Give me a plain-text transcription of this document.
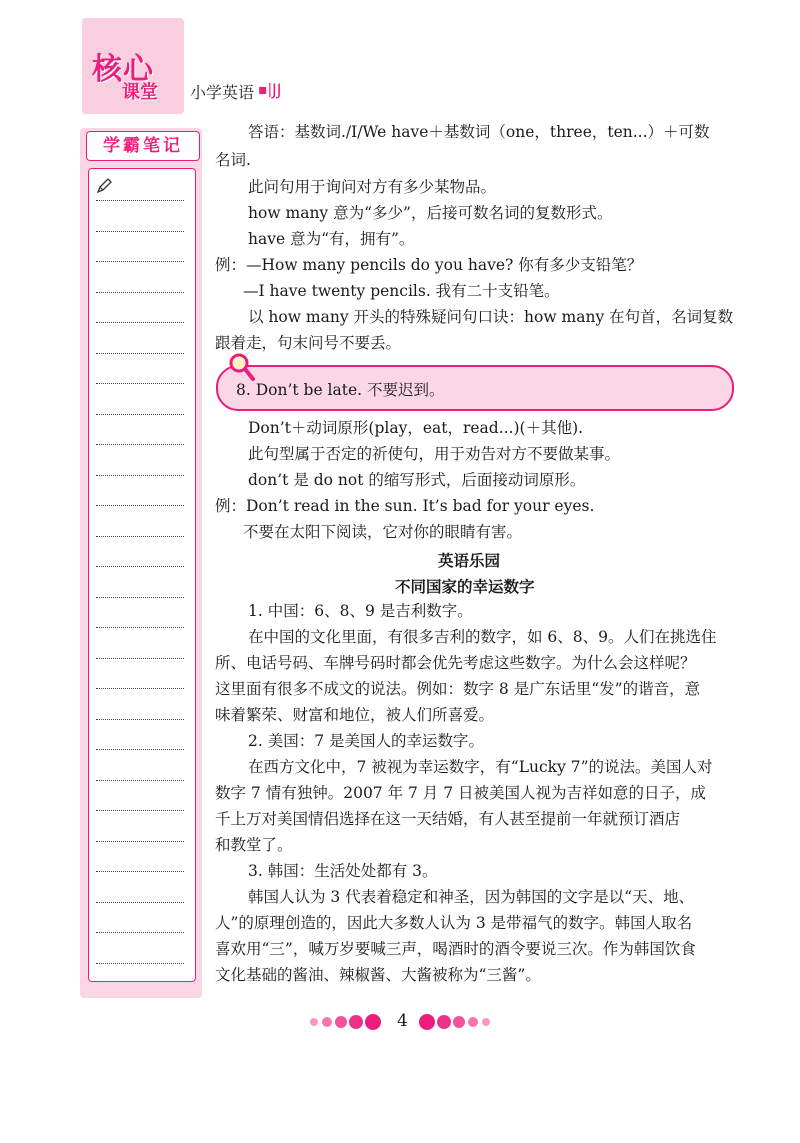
核心
课堂 小学英语 ▪| JJ
学霸笔记
答语：基数词./I/We have＋基数词（one，three，ten...）＋可数
名词.
此问句用于询问对方有多少某物品。
how many 意为“多少”，后接可数名词的复数形式。
have 意为“有，拥有”。
例：—How many pencils do you have? 你有多少支铅笔？
—I have twenty pencils. 我有二十支铅笔。
以 how many 开头的特殊疑问句口诀：how many 在句首，名词复数
跟着走，句末问号不要丢。
8. Don’t be late. 不要迟到。
Don’t＋动词原形(play，eat，read...)(＋其他).
此句型属于否定的祈使句，用于劝告对方不要做某事。
don’t 是 do not 的缩写形式，后面接动词原形。
例：Don’t read in the sun. It’s bad for your eyes.
不要在太阳下阅读，它对你的眼睛有害。
英语乐园
不同国家的幸运数字
1. 中国：6、8、9 是吉利数字。
在中国的文化里面，有很多吉利的数字，如 6、8、9。人们在挑选住
所、电话号码、车牌号码时都会优先考虑这些数字。为什么会这样呢？
这里面有很多不成文的说法。例如：数字 8 是广东话里“发”的谐音，意
味着繁荣、财富和地位，被人们所喜爱。
2. 美国：7 是美国人的幸运数字。
在西方文化中，7 被视为幸运数字，有“Lucky 7”的说法。美国人对
数字 7 情有独钟。2007 年 7 月 7 日被美国人视为吉祥如意的日子，成
千上万对美国情侣选择在这一天结婚，有人甚至提前一年就预订酒店
和教堂了。
3. 韩国：生活处处都有 3。
韩国人认为 3 代表着稳定和神圣，因为韩国的文字是以“天、地、
人”的原理创造的，因此大多数人认为 3 是带福气的数字。韩国人取名
喜欢用“三”，喊万岁要喊三声，喝酒时的酒令要说三次。作为韩国饮食
文化基础的酱油、辣椒酱、大酱被称为“三酱”。
4
